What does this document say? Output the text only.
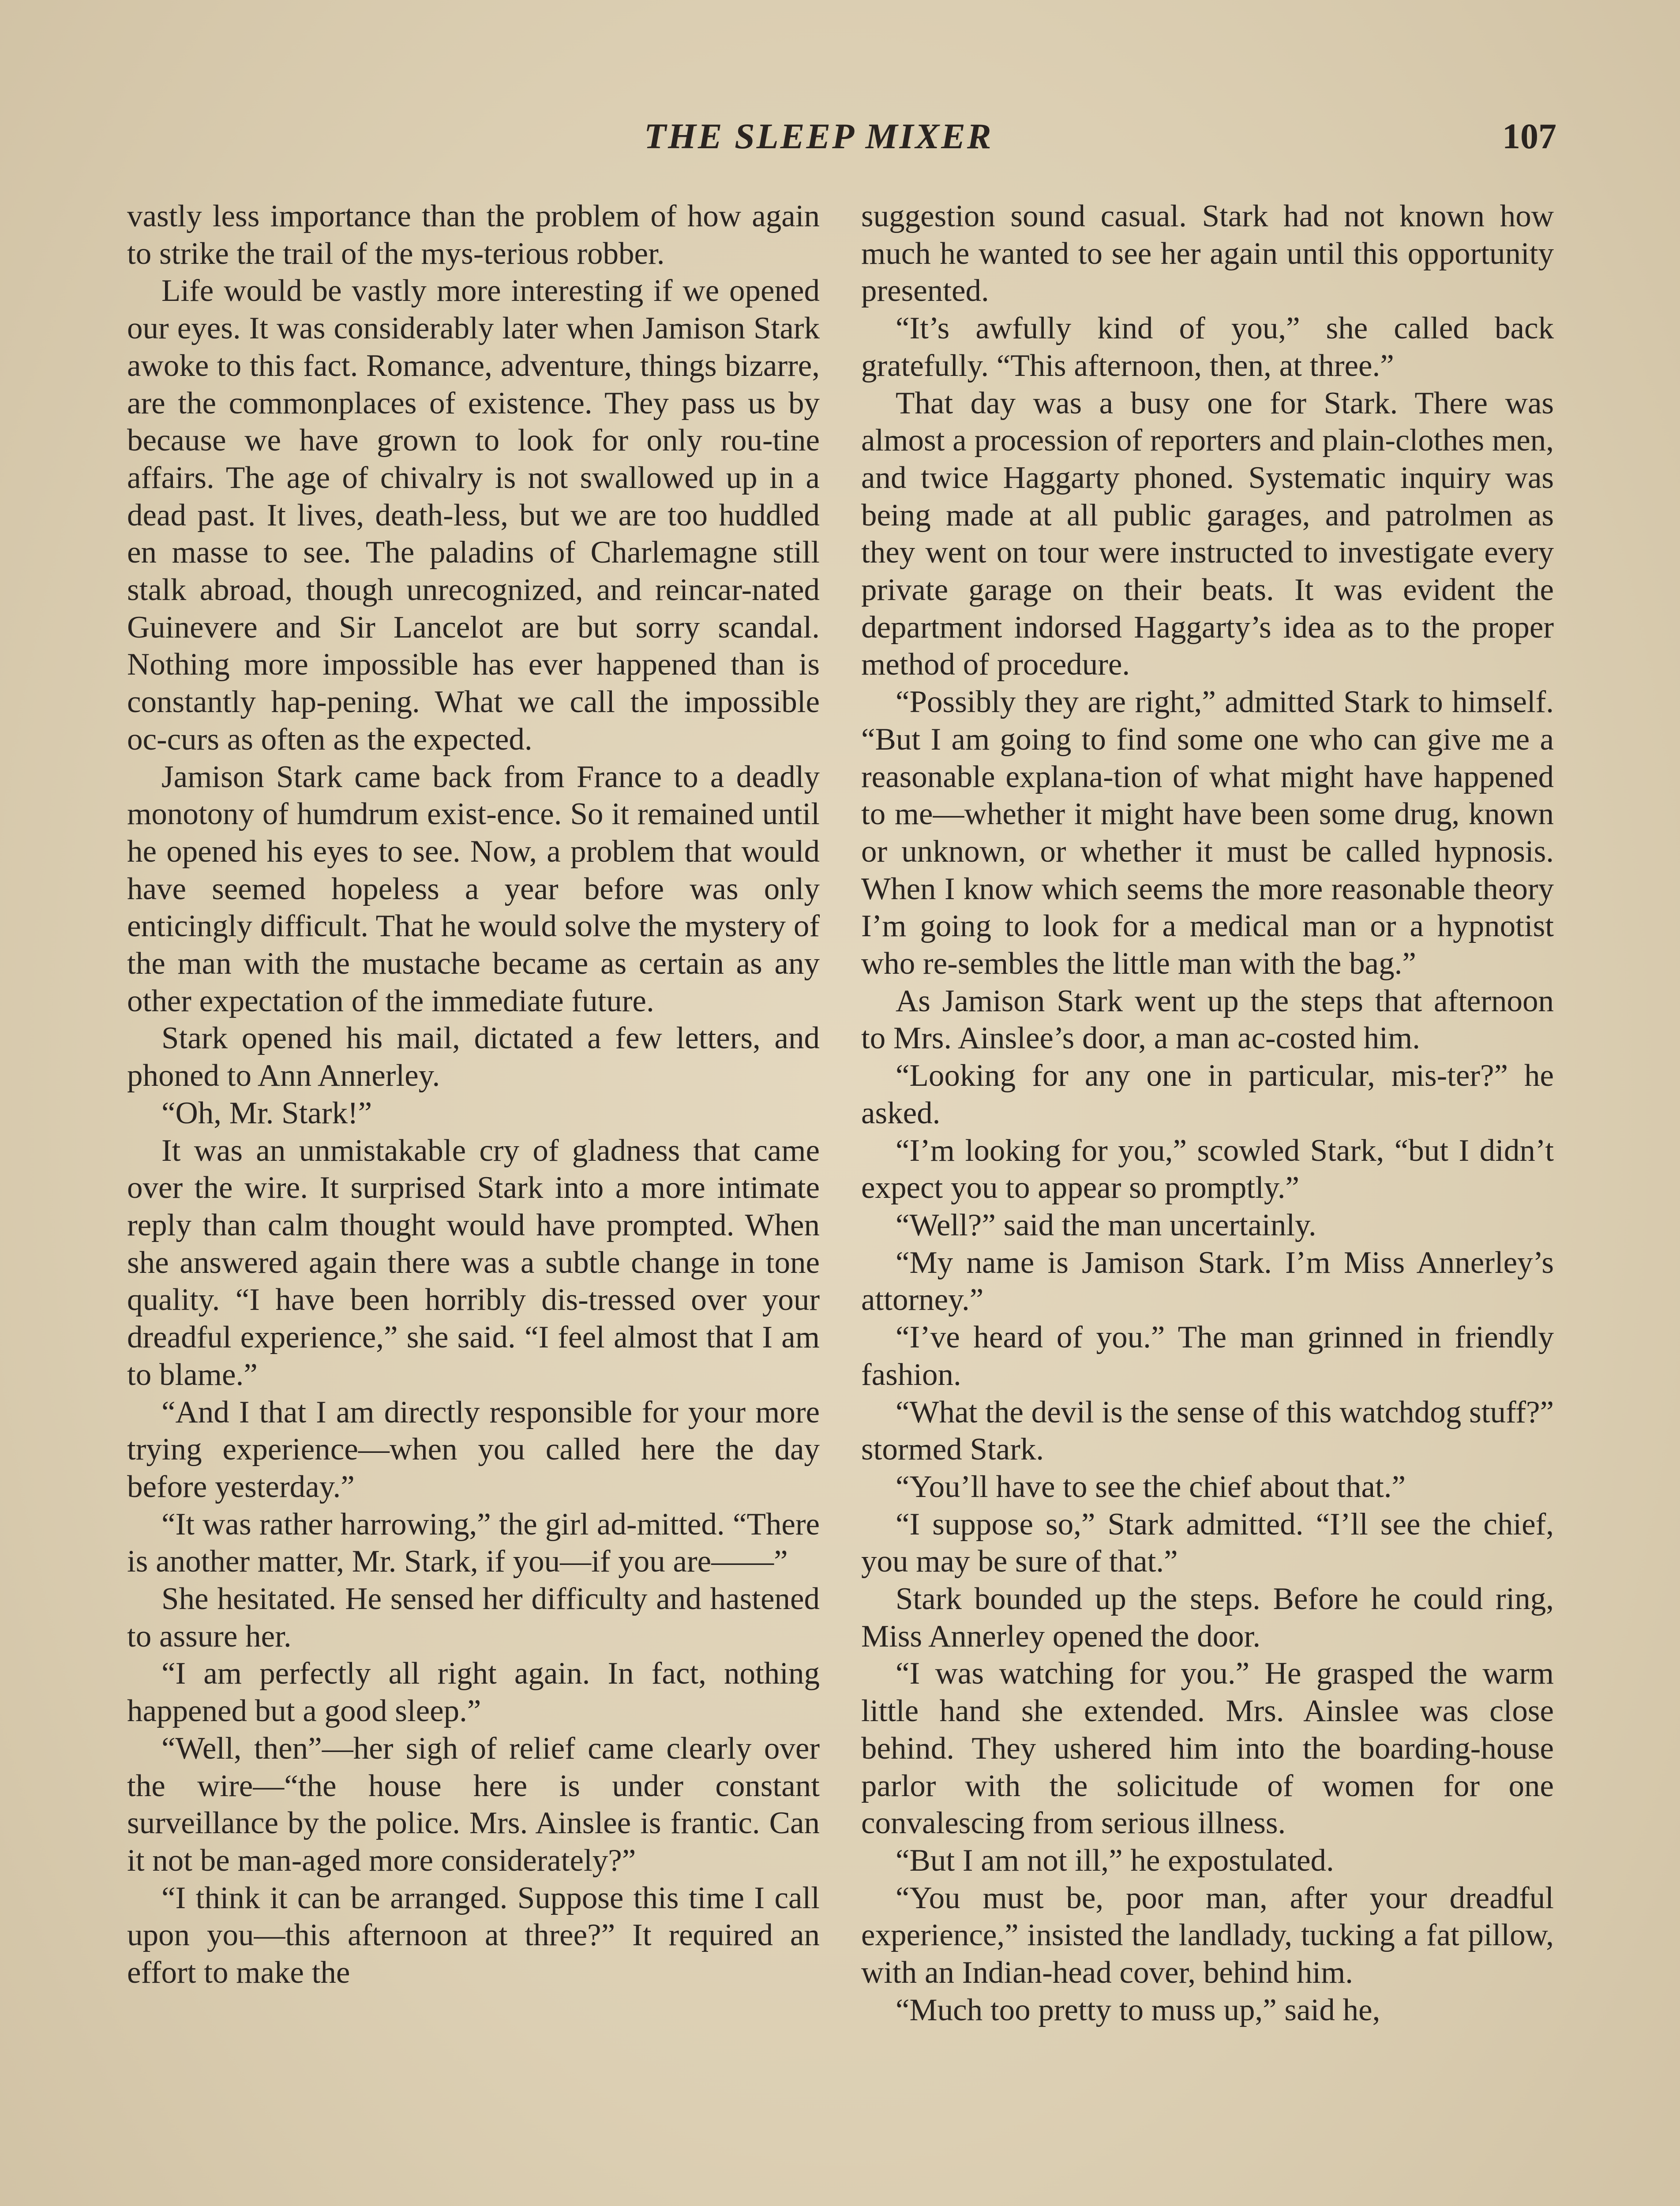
THE SLEEP MIXER	107

vastly less importance than the problem of how again to strike the trail of the mys-terious robber.

Life would be vastly more interesting if we opened our eyes. It was considerably later when Jamison Stark awoke to this fact. Romance, adventure, things bizarre, are the commonplaces of existence. They pass us by because we have grown to look for only rou-tine affairs. The age of chivalry is not swallowed up in a dead past. It lives, death-less, but we are too huddled en masse to see. The paladins of Charlemagne still stalk abroad, though unrecognized, and reincar-nated Guinevere and Sir Lancelot are but sorry scandal. Nothing more impossible has ever happened than is constantly hap-pening. What we call the impossible oc-curs as often as the expected.

Jamison Stark came back from France to a deadly monotony of humdrum exist-ence. So it remained until he opened his eyes to see. Now, a problem that would have seemed hopeless a year before was only enticingly difficult. That he would solve the mystery of the man with the mustache became as certain as any other expectation of the immediate future.

Stark opened his mail, dictated a few letters, and phoned to Ann Annerley.

“Oh, Mr. Stark!”

It was an unmistakable cry of gladness that came over the wire. It surprised Stark into a more intimate reply than calm thought would have prompted. When she answered again there was a subtle change in tone quality. “I have been horribly dis-tressed over your dreadful experience,” she said. “I feel almost that I am to blame.”

“And I that I am directly responsible for your more trying experience—when you called here the day before yesterday.”

“It was rather harrowing,” the girl ad-mitted. “There is another matter, Mr. Stark, if you—if you are——”

She hesitated. He sensed her difficulty and hastened to assure her.

“I am perfectly all right again. In fact, nothing happened but a good sleep.”

“Well, then”—her sigh of relief came clearly over the wire—“the house here is under constant surveillance by the police. Mrs. Ainslee is frantic. Can it not be man-aged more considerately?”

“I think it can be arranged. Suppose this time I call upon you—this afternoon at three?” It required an effort to make the

suggestion sound casual. Stark had not known how much he wanted to see her again until this opportunity presented.

“It’s awfully kind of you,” she called back gratefully. “This afternoon, then, at three.”

That day was a busy one for Stark. There was almost a procession of reporters and plain-clothes men, and twice Haggarty phoned. Systematic inquiry was being made at all public garages, and patrolmen as they went on tour were instructed to investigate every private garage on their beats. It was evident the department indorsed Haggarty’s idea as to the proper method of procedure.

“Possibly they are right,” admitted Stark to himself. “But I am going to find some one who can give me a reasonable explana-tion of what might have happened to me—whether it might have been some drug, known or unknown, or whether it must be called hypnosis. When I know which seems the more reasonable theory I’m going to look for a medical man or a hypnotist who re-sembles the little man with the bag.”

As Jamison Stark went up the steps that afternoon to Mrs. Ainslee’s door, a man ac-costed him.

“Looking for any one in particular, mis-ter?” he asked.

“I’m looking for you,” scowled Stark, “but I didn’t expect you to appear so promptly.”

“Well?” said the man uncertainly.

“My name is Jamison Stark. I’m Miss Annerley’s attorney.”

“I’ve heard of you.” The man grinned in friendly fashion.

“What the devil is the sense of this watchdog stuff?” stormed Stark.

“You’ll have to see the chief about that.”

“I suppose so,” Stark admitted. “I’ll see the chief, you may be sure of that.”

Stark bounded up the steps. Before he could ring, Miss Annerley opened the door.

“I was watching for you.” He grasped the warm little hand she extended. Mrs. Ainslee was close behind. They ushered him into the boarding-house parlor with the solicitude of women for one convalescing from serious illness.

“But I am not ill,” he expostulated.

“You must be, poor man, after your dreadful experience,” insisted the landlady, tucking a fat pillow, with an Indian-head cover, behind him.

“Much too pretty to muss up,” said he,
